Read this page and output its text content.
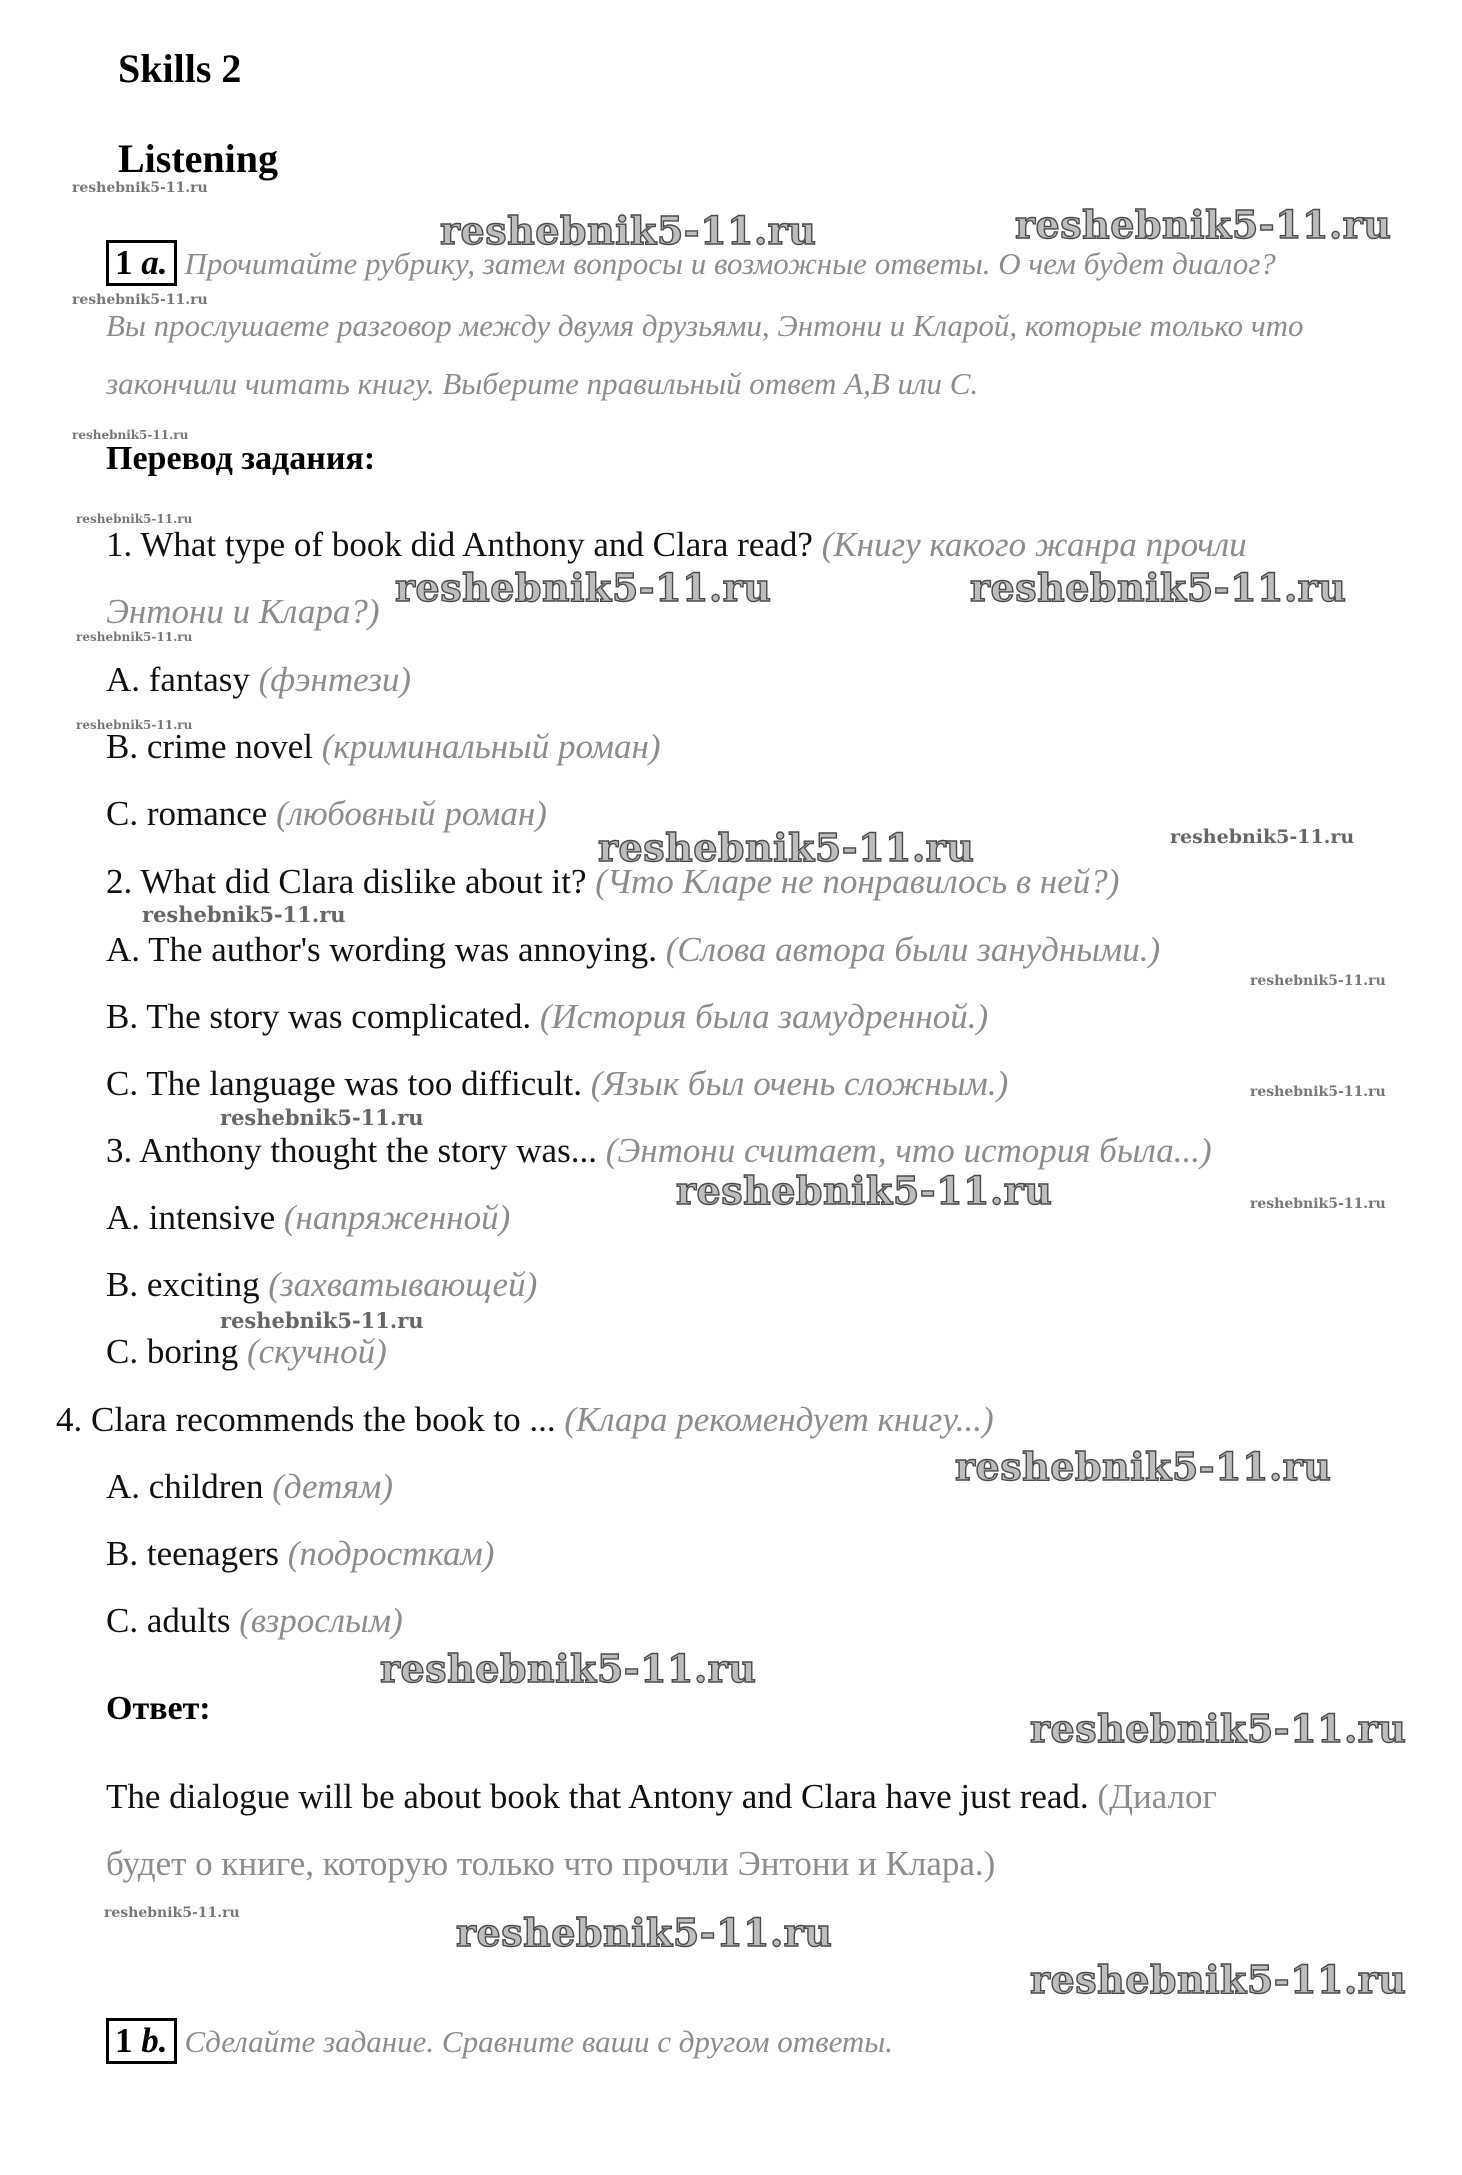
Skills 2
Listening
1 a. Прочитайте рубрику, затем вопросы и возможные ответы. О чем будет диалог?
Вы прослушаете разговор между двумя друзьями, Энтони и Кларой, которые только что
закончили читать книгу. Выберите правильный ответ A,B или C.
Перевод задания:
1. What type of book did Anthony and Clara read? (Книгу какого жанра прочли
Энтони и Клара?)
A. fantasy (фэнтези)
B. crime novel (криминальный роман)
C. romance (любовный роман)
2. What did Clara dislike about it? (Что Кларе не понравилось в ней?)
A. The author's wording was annoying. (Слова автора были занудными.)
B. The story was complicated. (История была замудренной.)
C. The language was too difficult. (Язык был очень сложным.)
3. Anthony thought the story was... (Энтони считает, что история была...)
A. intensive (напряженной)
B. exciting (захватывающей)
C. boring (скучной)
4. Clara recommends the book to ... (Клара рекомендует книгу...)
A. children (детям)
B. teenagers (подросткам)
C. adults (взрослым)
Ответ:
The dialogue will be about book that Antony and Clara have just read. (Диалог
будет о книге, которую только что прочли Энтони и Клара.)
1 b. Сделайте задание. Сравните ваши с другом ответы.
reshebnik5-11.ru
reshebnik5-11.ru	reshebnik5-11.ru
reshebnik5-11.ru
reshebnik5-11.ru
reshebnik5-11.ru
reshebnik5-11.ru	reshebnik5-11.ru
reshebnik5-11.ru
reshebnik5-11.ru
reshebnik5-11.ru	reshebnik5-11.ru
reshebnik5-11.ru
reshebnik5-11.ru
reshebnik5-11.ru
reshebnik5-11.ru
reshebnik5-11.ru	reshebnik5-11.ru
reshebnik5-11.ru
reshebnik5-11.ru
reshebnik5-11.ru
reshebnik5-11.ru
reshebnik5-11.ru	reshebnik5-11.ru
reshebnik5-11.ru
